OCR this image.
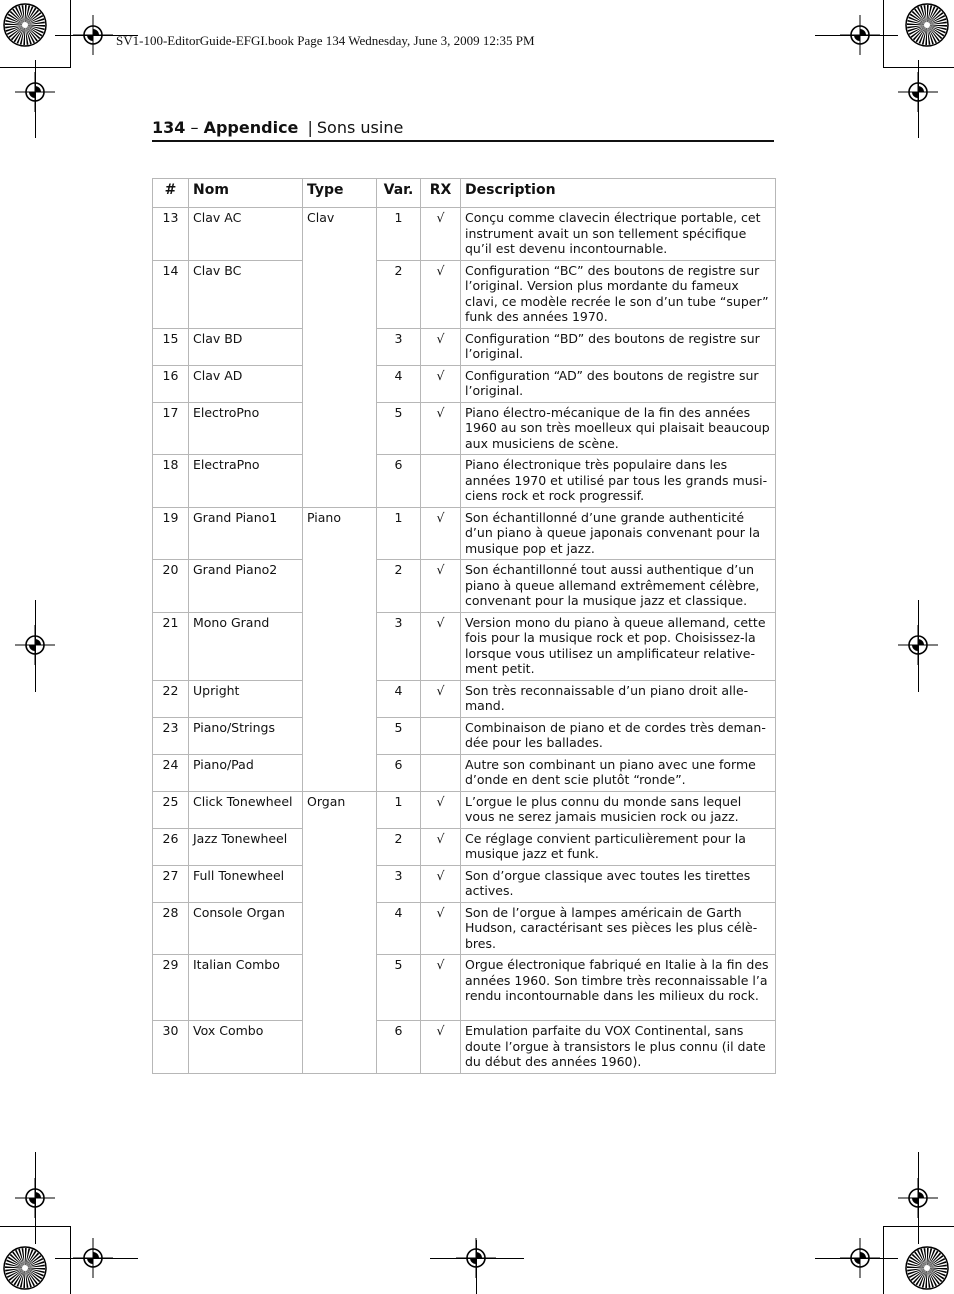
SV1-100-EditorGuide-EFGI.book Page 134 Wednesday, June 3, 2009 12:35 PM
134 – Appendice | Sons usine
#	Nom	Type	Var.	RX	Description
13	Clav AC	Clav	1	√	Conçu comme clavecin électrique portable, cet instrument avait un son tellement spécifique qu’il est devenu incontournable.
14	Clav BC		2	√	Configuration “BC” des boutons de registre sur l’original. Version plus mordante du fameux clavi, ce modèle recrée le son d’un tube “super” funk des années 1970.
15	Clav BD		3	√	Configuration “BD” des boutons de registre sur l’original.
16	Clav AD		4	√	Configuration “AD” des boutons de registre sur l’original.
17	ElectroPno		5	√	Piano électro-mécanique de la fin des années 1960 au son très moelleux qui plaisait beaucoup aux musiciens de scène.
18	ElectraPno		6		Piano électronique très populaire dans les années 1970 et utilisé par tous les grands musi-ciens rock et rock progressif.
19	Grand Piano1	Piano	1	√	Son échantillonné d’une grande authenticité d’un piano à queue japonais convenant pour la musique pop et jazz.
20	Grand Piano2		2	√	Son échantillonné tout aussi authentique d’un piano à queue allemand extrêmement célèbre, convenant pour la musique jazz et classique.
21	Mono Grand		3	√	Version mono du piano à queue allemand, cette fois pour la musique rock et pop. Choisissez-la lorsque vous utilisez un amplificateur relative-ment petit.
22	Upright		4	√	Son très reconnaissable d’un piano droit alle-mand.
23	Piano/Strings		5		Combinaison de piano et de cordes très deman-dée pour les ballades.
24	Piano/Pad		6		Autre son combinant un piano avec une forme d’onde en dent scie plutôt “ronde”.
25	Click Tonewheel	Organ	1	√	L’orgue le plus connu du monde sans lequel vous ne serez jamais musicien rock ou jazz.
26	Jazz Tonewheel		2	√	Ce réglage convient particulièrement pour la musique jazz et funk.
27	Full Tonewheel		3	√	Son d’orgue classique avec toutes les tirettes actives.
28	Console Organ		4	√	Son de l’orgue à lampes américain de Garth Hudson, caractérisant ses pièces les plus célè-bres.
29	Italian Combo		5	√	Orgue électronique fabriqué en Italie à la fin des années 1960. Son timbre très reconnaissable l’a rendu incontournable dans les milieux du rock.
30	Vox Combo		6	√	Emulation parfaite du VOX Continental, sans doute l’orgue à transistors le plus connu (il date du début des années 1960).
